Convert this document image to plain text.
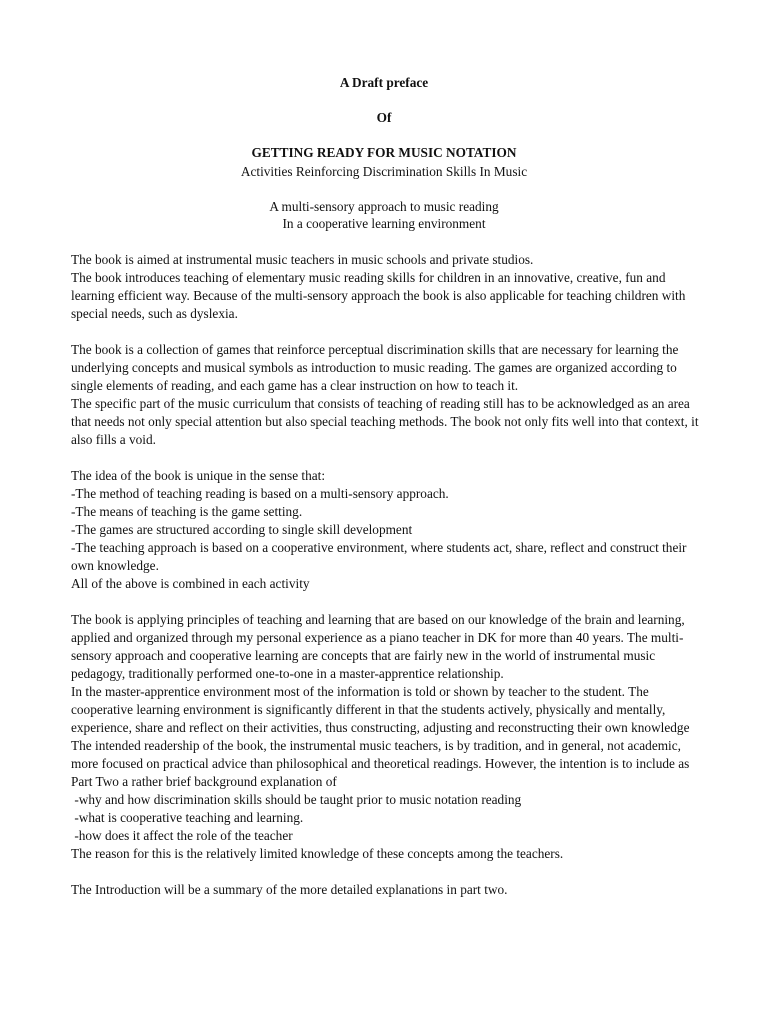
A Draft preface
Of
GETTING READY FOR MUSIC NOTATION
Activities Reinforcing Discrimination Skills In Music
A multi-sensory approach to music reading
In a cooperative learning environment
The book is aimed at instrumental music teachers in music schools and private studios.
The book introduces teaching of elementary music reading skills for children in an innovative, creative, fun and learning efficient way. Because of the multi-sensory approach the book is also applicable for teaching children with special needs, such as dyslexia.
The book is a collection of games that reinforce perceptual discrimination skills that are necessary for learning the underlying concepts and musical symbols as introduction to music reading. The games are organized according to single elements of reading, and each game has a clear instruction on how to teach it.
The specific part of the music curriculum that consists of teaching of reading still has to be acknowledged as an area that needs not only special attention but also special teaching methods. The book not only fits well into that context, it also fills a void.
The idea of the book is unique in the sense that:
-The method of teaching reading is based on a multi-sensory approach.
-The means of teaching is the game setting.
-The games are structured according to single skill development
-The teaching approach is based on a cooperative environment, where students act, share, reflect and construct their own knowledge.
All of the above is combined in each activity
The book is applying principles of teaching and learning that are based on our knowledge of the brain and learning, applied and organized through my personal experience as a piano teacher in DK for more than 40 years. The multi-sensory approach and cooperative learning are concepts that are fairly new in the world of instrumental music pedagogy, traditionally performed one-to-one in a master-apprentice relationship.
In the master-apprentice environment most of the information is told or shown by teacher to the student. The cooperative learning environment is significantly different in that the students actively, physically and mentally, experience, share and reflect on their activities, thus constructing, adjusting and reconstructing their own knowledge
The intended readership of the book, the instrumental music teachers, is by tradition, and in general, not academic, more focused on practical advice than philosophical and theoretical readings. However, the intention is to include as Part Two a rather brief background explanation of
-why and how discrimination skills should be taught prior to music notation reading
-what is cooperative teaching and learning.
-how does it affect the role of the teacher
The reason for this is the relatively limited knowledge of these concepts among the teachers.
The Introduction will be a summary of the more detailed explanations in part two.
